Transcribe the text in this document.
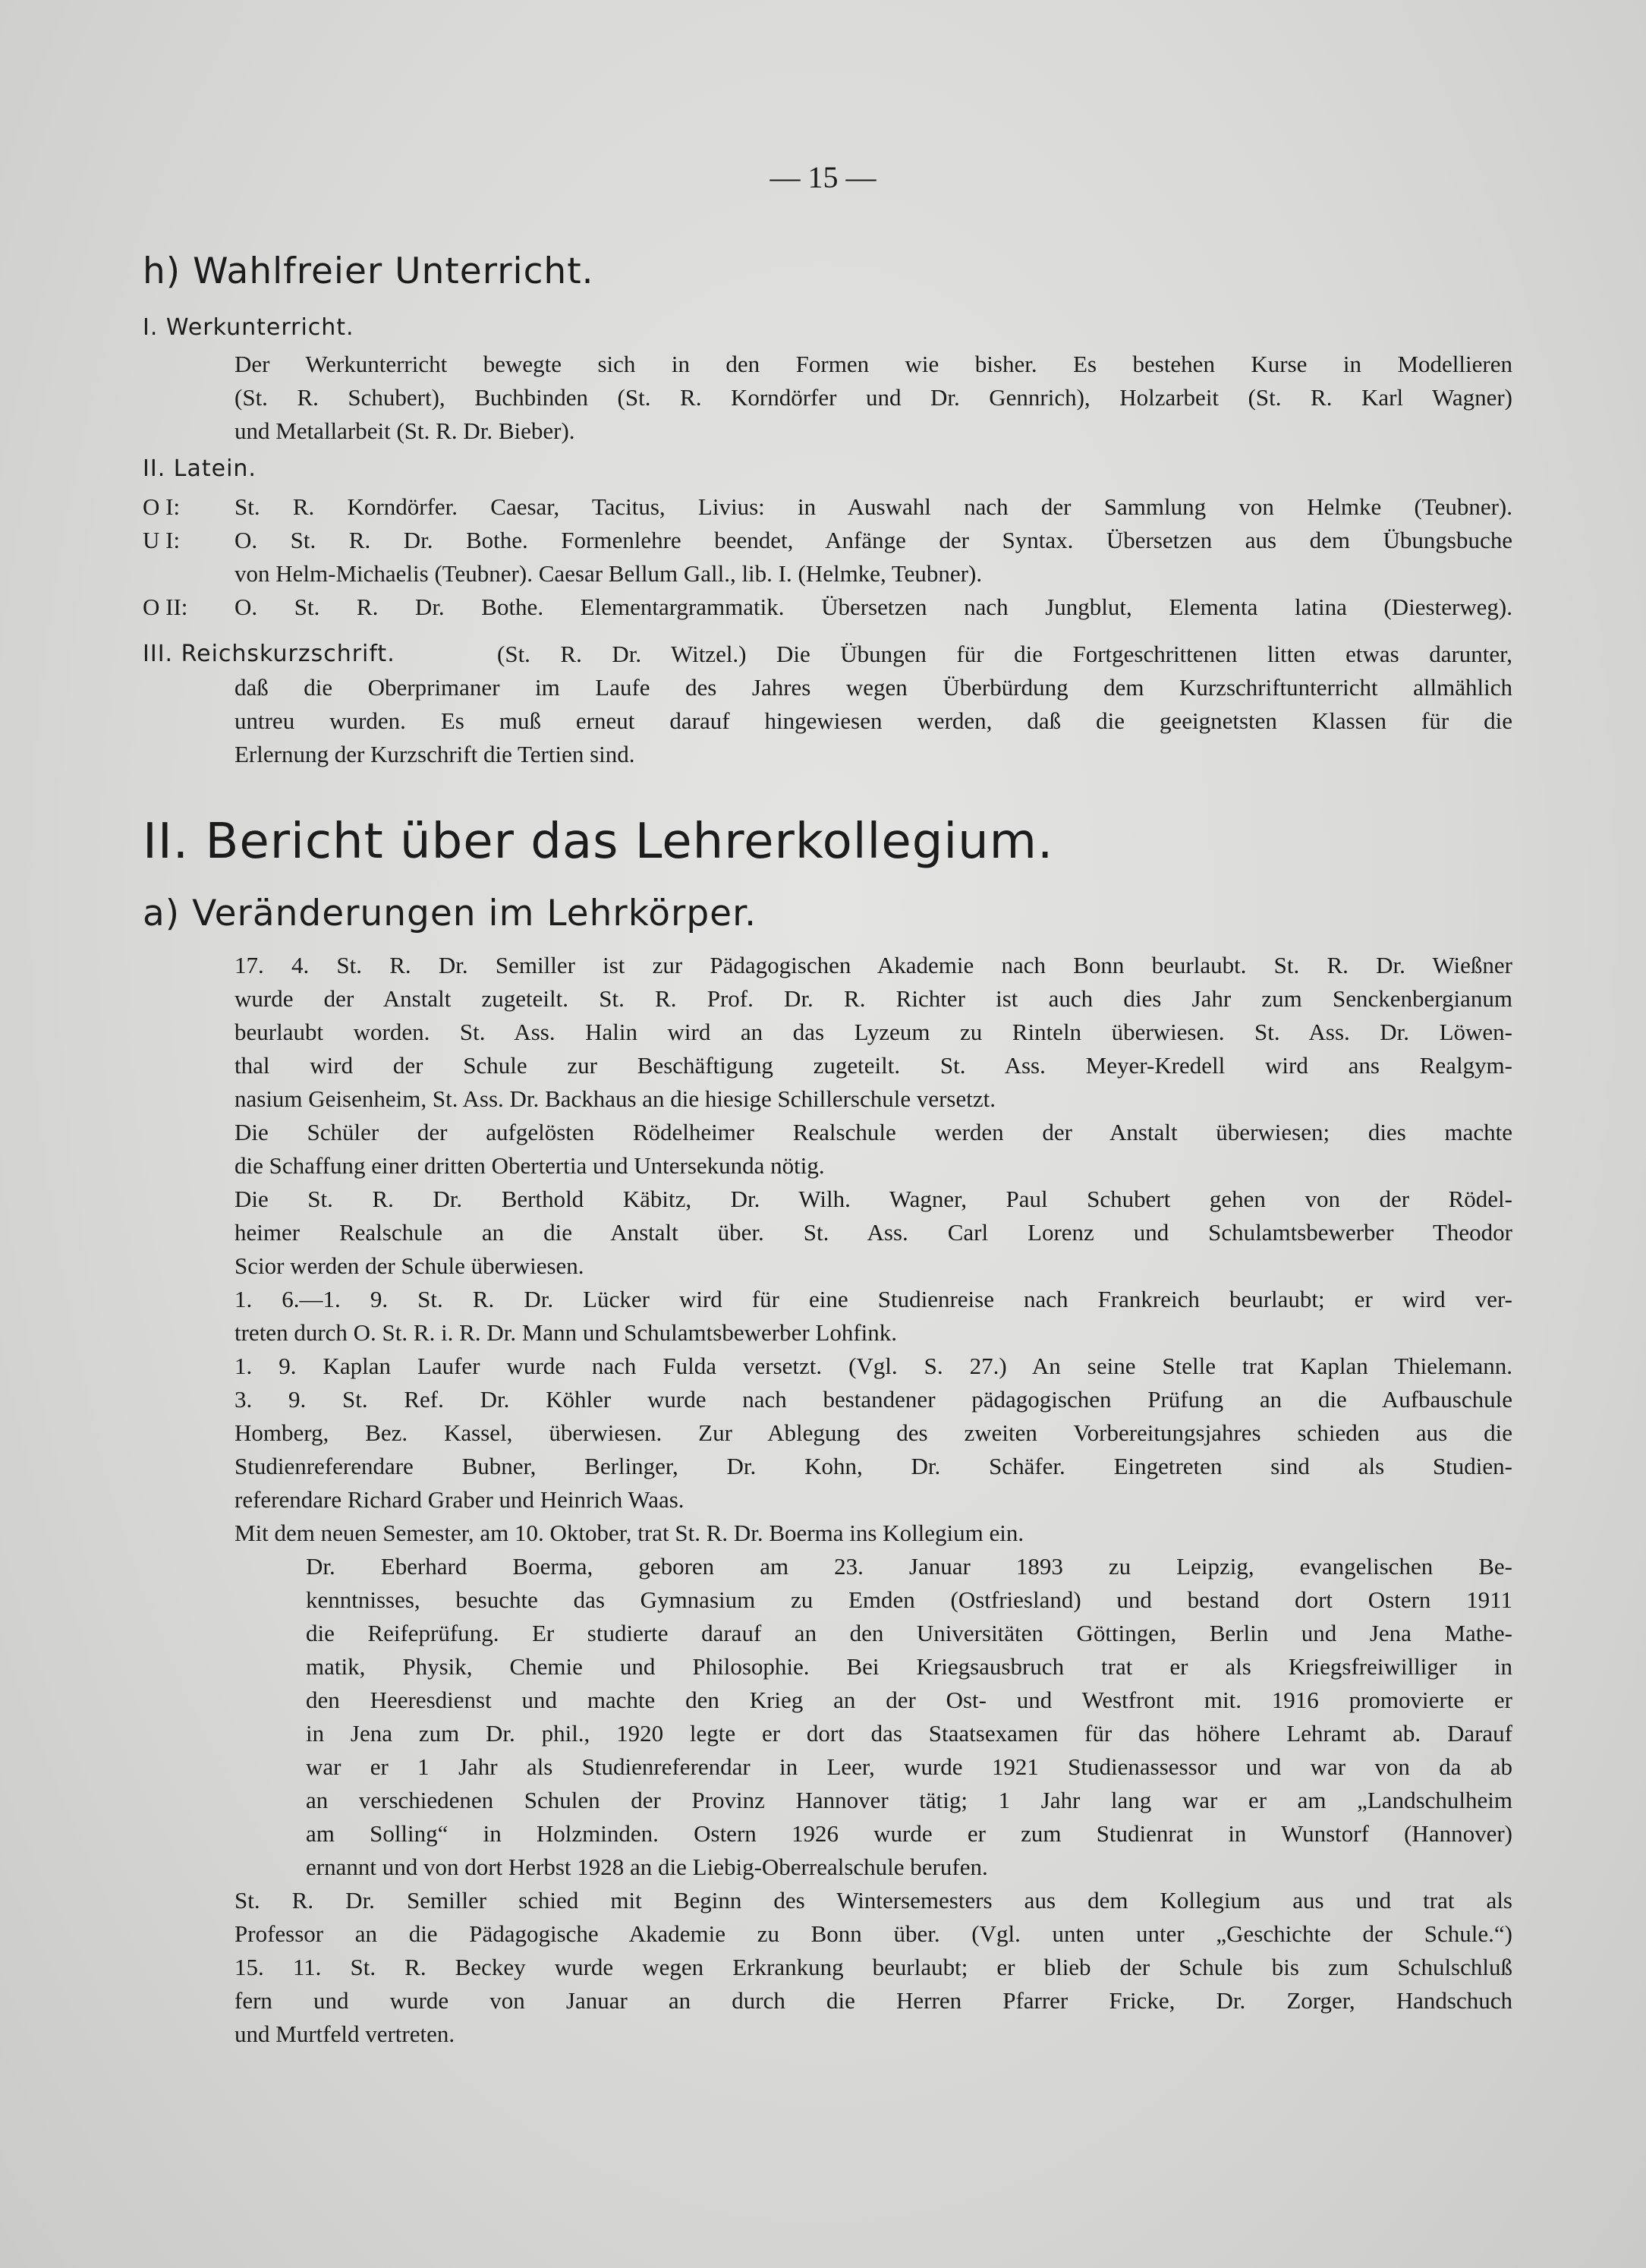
— 15 —
h) Wahlfreier Unterricht.
I. Werkunterricht.
Der Werkunterricht bewegte sich in den Formen wie bisher. Es bestehen Kurse in Modellieren
(St. R. Schubert), Buchbinden (St. R. Korndörfer und Dr. Gennrich), Holzarbeit (St. R. Karl Wagner)
und Metallarbeit (St. R. Dr. Bieber).
II. Latein.
O I: St. R. Korndörfer. Caesar, Tacitus, Livius: in Auswahl nach der Sammlung von Helmke (Teubner).
U I: O. St. R. Dr. Bothe. Formenlehre beendet, Anfänge der Syntax. Übersetzen aus dem Übungsbuche
von Helm-Michaelis (Teubner). Caesar Bellum Gall., lib. I. (Helmke, Teubner).
O II: O. St. R. Dr. Bothe. Elementargrammatik. Übersetzen nach Jungblut, Elementa latina (Diesterweg).
III. Reichskurzschrift.	(St. R. Dr. Witzel.) Die Übungen für die Fortgeschrittenen litten etwas darunter,
daß die Oberprimaner im Laufe des Jahres wegen Überbürdung dem Kurzschriftunterricht allmählich
untreu wurden. Es muß erneut darauf hingewiesen werden, daß die geeignetsten Klassen für die
Erlernung der Kurzschrift die Tertien sind.
II. Bericht über das Lehrerkollegium.
a) Veränderungen im Lehrkörper.
17. 4. St. R. Dr. Semiller ist zur Pädagogischen Akademie nach Bonn beurlaubt. St. R. Dr. Wießner
wurde der Anstalt zugeteilt. St. R. Prof. Dr. R. Richter ist auch dies Jahr zum Senckenbergianum
beurlaubt worden. St. Ass. Halin wird an das Lyzeum zu Rinteln überwiesen. St. Ass. Dr. Löwen-
thal wird der Schule zur Beschäftigung zugeteilt. St. Ass. Meyer-Kredell wird ans Realgym-
nasium Geisenheim, St. Ass. Dr. Backhaus an die hiesige Schillerschule versetzt.
Die Schüler der aufgelösten Rödelheimer Realschule werden der Anstalt überwiesen; dies machte
die Schaffung einer dritten Obertertia und Untersekunda nötig.
Die St. R. Dr. Berthold Käbitz, Dr. Wilh. Wagner, Paul Schubert gehen von der Rödel-
heimer Realschule an die Anstalt über. St. Ass. Carl Lorenz und Schulamtsbewerber Theodor
Scior werden der Schule überwiesen.
1. 6.—1. 9. St. R. Dr. Lücker wird für eine Studienreise nach Frankreich beurlaubt; er wird ver-
treten durch O. St. R. i. R. Dr. Mann und Schulamtsbewerber Lohfink.
1. 9. Kaplan Laufer wurde nach Fulda versetzt. (Vgl. S. 27.) An seine Stelle trat Kaplan Thielemann.
3. 9. St. Ref. Dr. Köhler wurde nach bestandener pädagogischen Prüfung an die Aufbauschule
Homberg, Bez. Kassel, überwiesen. Zur Ablegung des zweiten Vorbereitungsjahres schieden aus die
Studienreferendare Bubner, Berlinger, Dr. Kohn, Dr. Schäfer. Eingetreten sind als Studien-
referendare Richard Graber und Heinrich Waas.
Mit dem neuen Semester, am 10. Oktober, trat St. R. Dr. Boerma ins Kollegium ein.
Dr. Eberhard Boerma, geboren am 23. Januar 1893 zu Leipzig, evangelischen Be-
kenntnisses, besuchte das Gymnasium zu Emden (Ostfriesland) und bestand dort Ostern 1911
die Reifeprüfung. Er studierte darauf an den Universitäten Göttingen, Berlin und Jena Mathe-
matik, Physik, Chemie und Philosophie. Bei Kriegsausbruch trat er als Kriegsfreiwilliger in
den Heeresdienst und machte den Krieg an der Ost- und Westfront mit. 1916 promovierte er
in Jena zum Dr. phil., 1920 legte er dort das Staatsexamen für das höhere Lehramt ab. Darauf
war er 1 Jahr als Studienreferendar in Leer, wurde 1921 Studienassessor und war von da ab
an verschiedenen Schulen der Provinz Hannover tätig; 1 Jahr lang war er am „Landschulheim
am Solling“ in Holzminden. Ostern 1926 wurde er zum Studienrat in Wunstorf (Hannover)
ernannt und von dort Herbst 1928 an die Liebig-Oberrealschule berufen.
St. R. Dr. Semiller schied mit Beginn des Wintersemesters aus dem Kollegium aus und trat als
Professor an die Pädagogische Akademie zu Bonn über. (Vgl. unten unter „Geschichte der Schule.“)
15. 11. St. R. Beckey wurde wegen Erkrankung beurlaubt; er blieb der Schule bis zum Schulschluß
fern und wurde von Januar an durch die Herren Pfarrer Fricke, Dr. Zorger, Handschuch
und Murtfeld vertreten.
